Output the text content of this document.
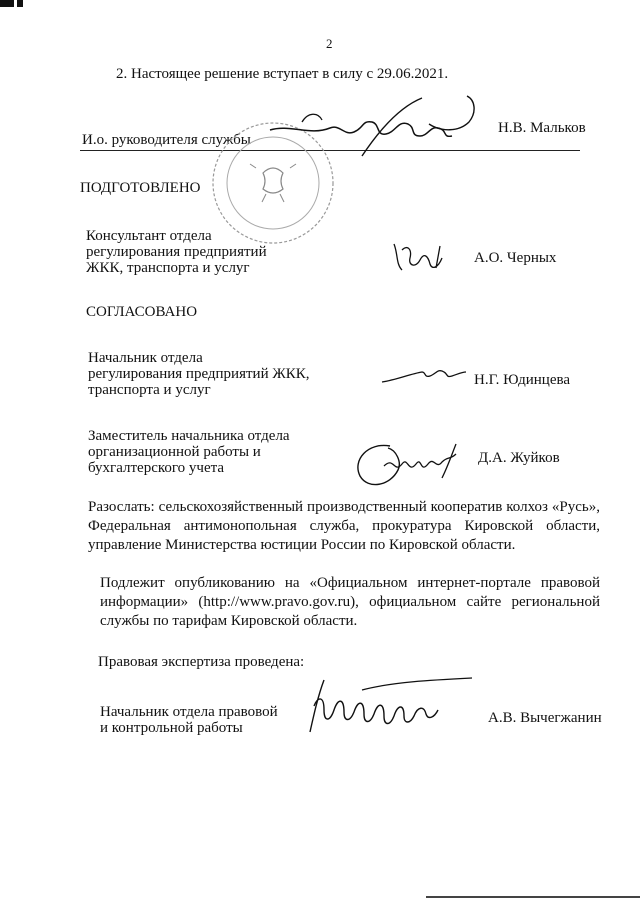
2
2. Настоящее решение вступает в силу с 29.06.2021.
И.о. руководителя службы
Н.В. Мальков
ПОДГОТОВЛЕНО
Консультант отдела
регулирования предприятий
ЖКК, транспорта и услуг
А.О. Черных
СОГЛАСОВАНО
Начальник отдела
регулирования предприятий ЖКК,
транспорта и услуг
Н.Г. Юдинцева
Заместитель начальника отдела
организационной работы и
бухгалтерского учета
Д.А. Жуйков
Разослать: сельскохозяйственный производственный кооператив колхоз «Русь», Федеральная антимонопольная служба, прокуратура Кировской области, управление Министерства юстиции России по Кировской области.
Подлежит опубликованию на «Официальном интернет-портале правовой информации» (http://www.pravo.gov.ru), официальном сайте региональной службы по тарифам Кировской области.
Правовая экспертиза проведена:
Начальник отдела правовой
и контрольной работы
А.В. Вычегжанин
